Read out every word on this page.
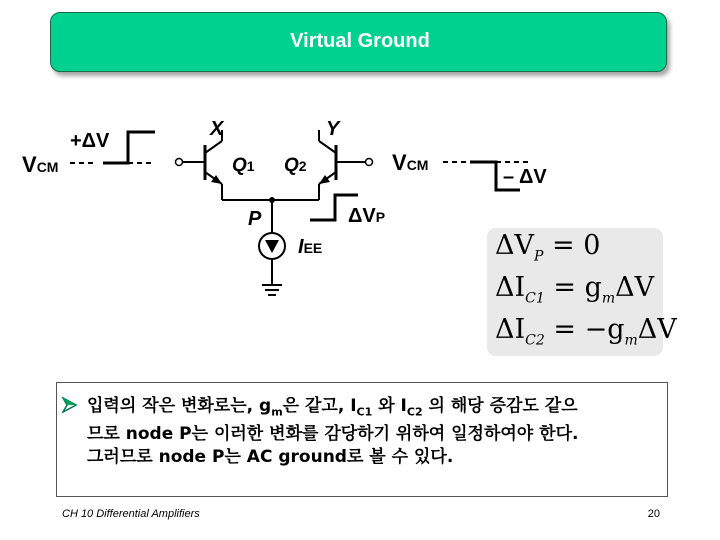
Virtual Ground
VCM	VCM
+ΔV
– ΔV
X	Y
Q1 Q2
P	ΔVP
IEE	$\Delta V_P = 0$
$\Delta I_{C1} = g_m\Delta V$
$\Delta I_{C2} = -g_m\Delta V$
입력의 작은 변화로는, $g_m$은 같고, $I_{C1}$ 와 $I_{C2}$ 의 해당 증감도 같으
므로 node P는 이러한 변화를 감당하기 위하여 일정하여야 한다.
그러므로 node P는 AC ground로 볼 수 있다.
CH 10 Differential Amplifiers	20
